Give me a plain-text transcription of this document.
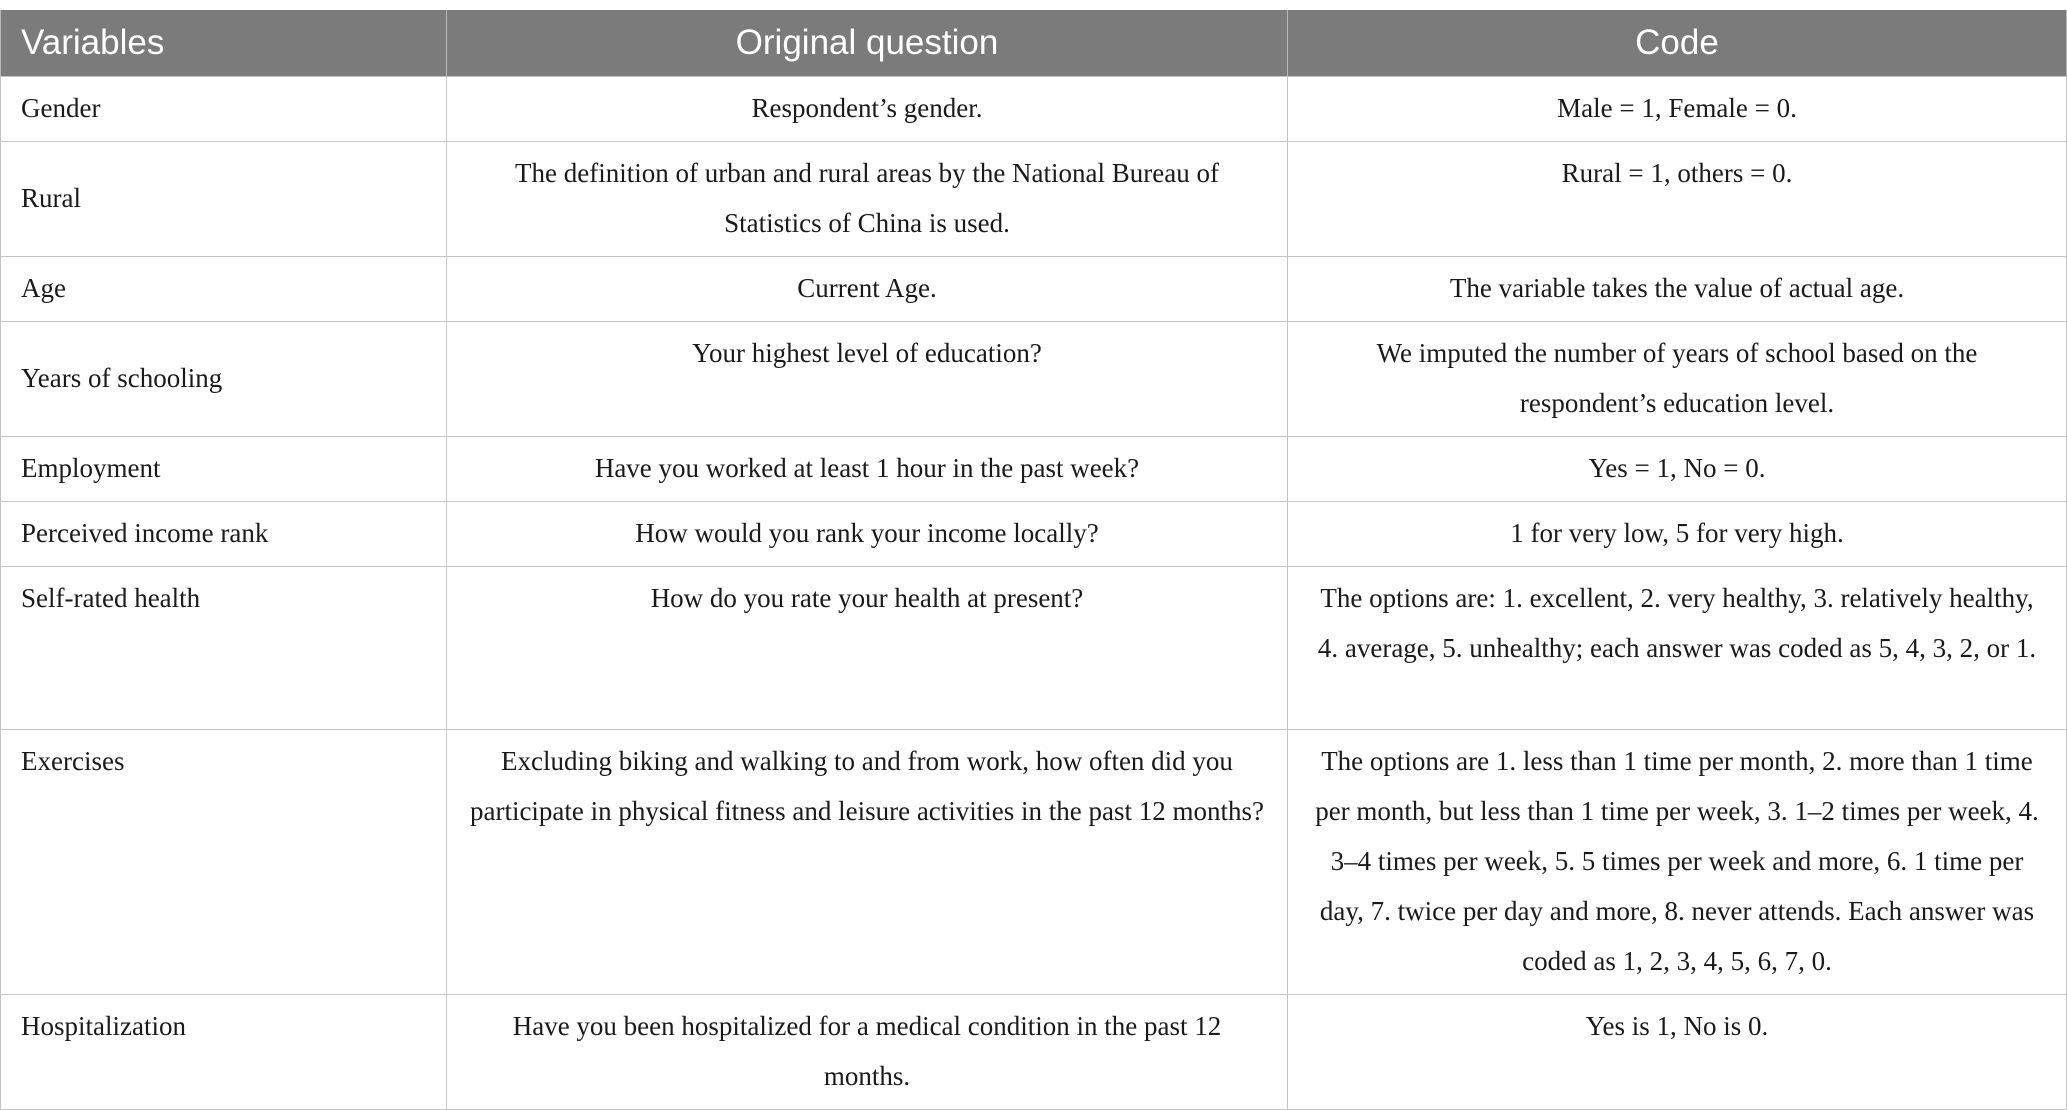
Variables	Original question	Code
Gender	Respondent’s gender.	Male = 1, Female = 0.
Rural	The definition of urban and rural areas by the National Bureau of Statistics of China is used.	Rural = 1, others = 0.
Age	Current Age.	The variable takes the value of actual age.
Years of schooling	Your highest level of education?	We imputed the number of years of school based on the respondent’s education level.
Employment	Have you worked at least 1 hour in the past week?	Yes = 1, No = 0.
Perceived income rank	How would you rank your income locally?	1 for very low, 5 for very high.
Self-rated health	How do you rate your health at present?	The options are: 1. excellent, 2. very healthy, 3. relatively healthy, 4. average, 5. unhealthy; each answer was coded as 5, 4, 3, 2, or 1.
Exercises	Excluding biking and walking to and from work, how often did you participate in physical fitness and leisure activities in the past 12 months?	The options are 1. less than 1 time per month, 2. more than 1 time per month, but less than 1 time per week, 3. 1–2 times per week, 4. 3–4 times per week, 5. 5 times per week and more, 6. 1 time per day, 7. twice per day and more, 8. never attends. Each answer was coded as 1, 2, 3, 4, 5, 6, 7, 0.
Hospitalization	Have you been hospitalized for a medical condition in the past 12 months.	Yes is 1, No is 0.
